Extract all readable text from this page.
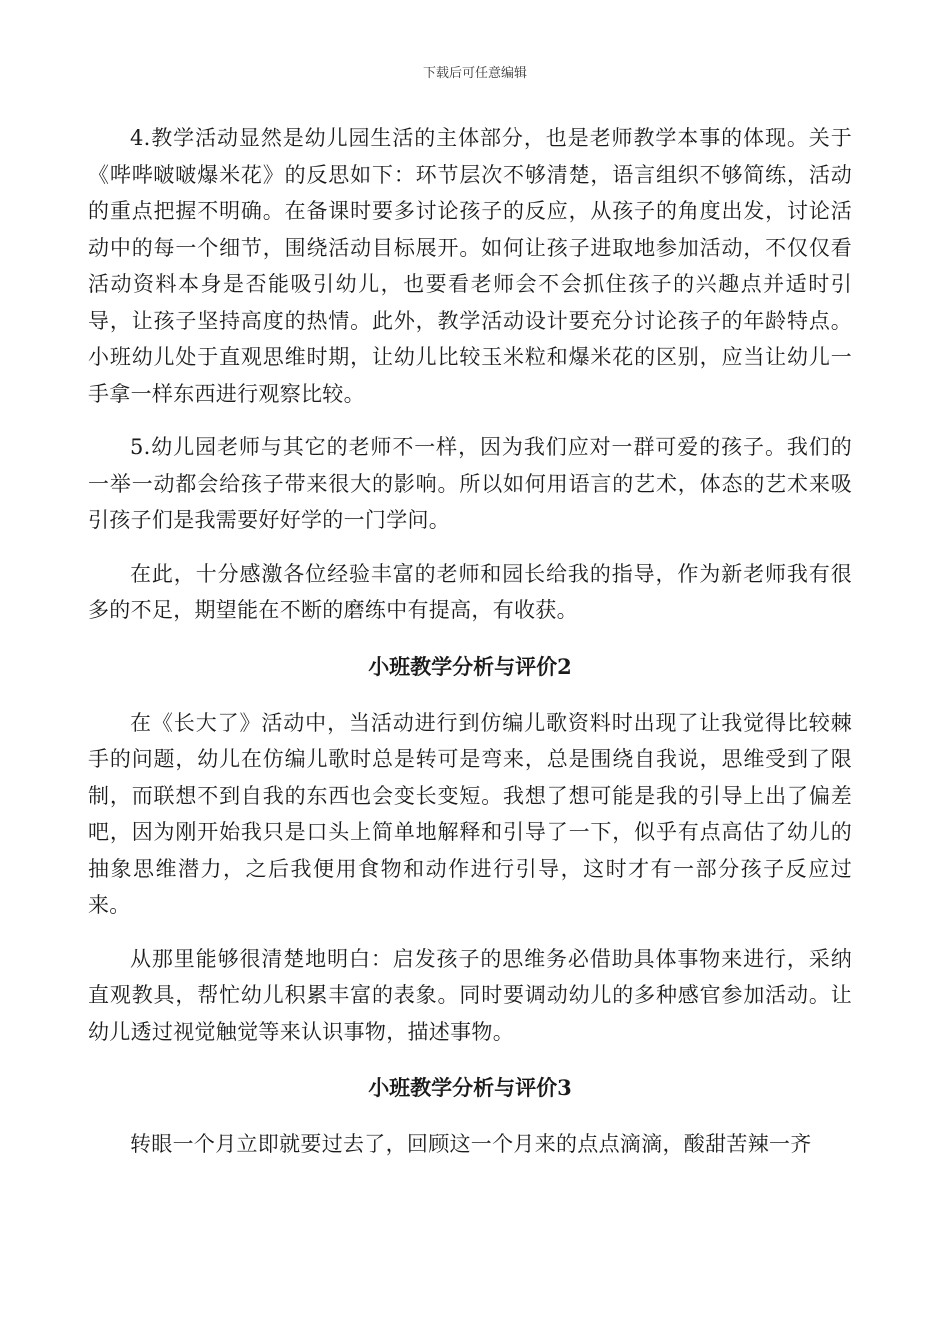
下载后可任意编辑

4.教学活动显然是幼儿园生活的主体部分，也是老师教学本事的体现。关于《哔哔啵啵爆米花》的反思如下：环节层次不够清楚，语言组织不够简练，活动的重点把握不明确。在备课时要多讨论孩子的反应，从孩子的角度出发，讨论活动中的每一个细节，围绕活动目标展开。如何让孩子进取地参加活动，不仅仅看活动资料本身是否能吸引幼儿，也要看老师会不会抓住孩子的兴趣点并适时引导，让孩子坚持高度的热情。此外，教学活动设计要充分讨论孩子的年龄特点。小班幼儿处于直观思维时期，让幼儿比较玉米粒和爆米花的区别，应当让幼儿一手拿一样东西进行观察比较。

5.幼儿园老师与其它的老师不一样，因为我们应对一群可爱的孩子。我们的一举一动都会给孩子带来很大的影响。所以如何用语言的艺术，体态的艺术来吸引孩子们是我需要好好学的一门学问。

在此，十分感激各位经验丰富的老师和园长给我的指导，作为新老师我有很多的不足，期望能在不断的磨练中有提高，有收获。

小班教学分析与评价2

在《长大了》活动中，当活动进行到仿编儿歌资料时出现了让我觉得比较棘手的问题，幼儿在仿编儿歌时总是转可是弯来，总是围绕自我说，思维受到了限制，而联想不到自我的东西也会变长变短。我想了想可能是我的引导上出了偏差吧，因为刚开始我只是口头上简单地解释和引导了一下，似乎有点高估了幼儿的抽象思维潜力，之后我便用食物和动作进行引导，这时才有一部分孩子反应过来。

从那里能够很清楚地明白：启发孩子的思维务必借助具体事物来进行，采纳直观教具，帮忙幼儿积累丰富的表象。同时要调动幼儿的多种感官参加活动。让幼儿透过视觉触觉等来认识事物，描述事物。

小班教学分析与评价3

转眼一个月立即就要过去了，回顾这一个月来的点点滴滴，酸甜苦辣一齐
